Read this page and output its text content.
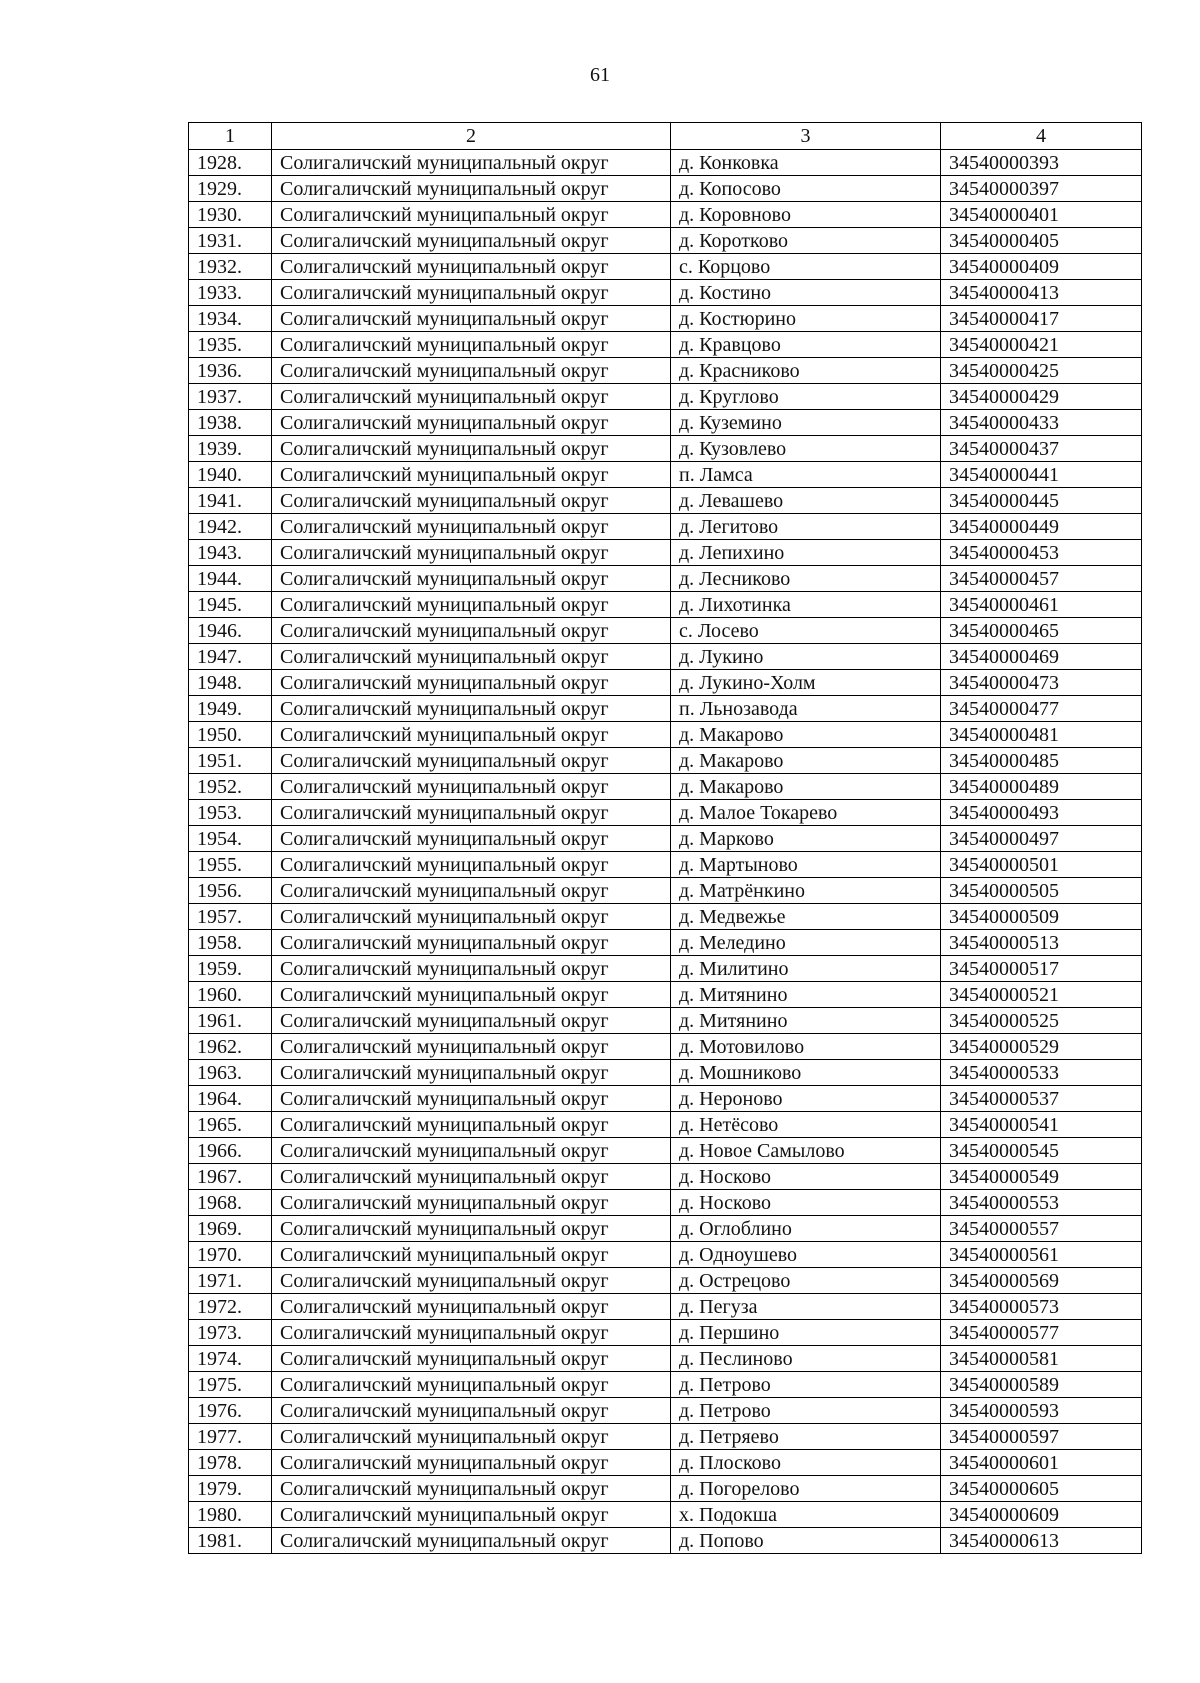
61
1	2	3	4
1928.	Солигаличский муниципальный округ	д. Конковка	34540000393
1929.	Солигаличский муниципальный округ	д. Копосово	34540000397
1930.	Солигаличский муниципальный округ	д. Коровново	34540000401
1931.	Солигаличский муниципальный округ	д. Коротково	34540000405
1932.	Солигаличский муниципальный округ	с. Корцово	34540000409
1933.	Солигаличский муниципальный округ	д. Костино	34540000413
1934.	Солигаличский муниципальный округ	д. Костюрино	34540000417
1935.	Солигаличский муниципальный округ	д. Кравцово	34540000421
1936.	Солигаличский муниципальный округ	д. Красниково	34540000425
1937.	Солигаличский муниципальный округ	д. Круглово	34540000429
1938.	Солигаличский муниципальный округ	д. Куземино	34540000433
1939.	Солигаличский муниципальный округ	д. Кузовлево	34540000437
1940.	Солигаличский муниципальный округ	п. Ламса	34540000441
1941.	Солигаличский муниципальный округ	д. Левашево	34540000445
1942.	Солигаличский муниципальный округ	д. Легитово	34540000449
1943.	Солигаличский муниципальный округ	д. Лепихино	34540000453
1944.	Солигаличский муниципальный округ	д. Лесниково	34540000457
1945.	Солигаличский муниципальный округ	д. Лихотинка	34540000461
1946.	Солигаличский муниципальный округ	с. Лосево	34540000465
1947.	Солигаличский муниципальный округ	д. Лукино	34540000469
1948.	Солигаличский муниципальный округ	д. Лукино-Холм	34540000473
1949.	Солигаличский муниципальный округ	п. Льнозавода	34540000477
1950.	Солигаличский муниципальный округ	д. Макарово	34540000481
1951.	Солигаличский муниципальный округ	д. Макарово	34540000485
1952.	Солигаличский муниципальный округ	д. Макарово	34540000489
1953.	Солигаличский муниципальный округ	д. Малое Токарево	34540000493
1954.	Солигаличский муниципальный округ	д. Марково	34540000497
1955.	Солигаличский муниципальный округ	д. Мартыново	34540000501
1956.	Солигаличский муниципальный округ	д. Матрёнкино	34540000505
1957.	Солигаличский муниципальный округ	д. Медвежье	34540000509
1958.	Солигаличский муниципальный округ	д. Меледино	34540000513
1959.	Солигаличский муниципальный округ	д. Милитино	34540000517
1960.	Солигаличский муниципальный округ	д. Митянино	34540000521
1961.	Солигаличский муниципальный округ	д. Митянино	34540000525
1962.	Солигаличский муниципальный округ	д. Мотовилово	34540000529
1963.	Солигаличский муниципальный округ	д. Мошниково	34540000533
1964.	Солигаличский муниципальный округ	д. Нероново	34540000537
1965.	Солигаличский муниципальный округ	д. Нетёсово	34540000541
1966.	Солигаличский муниципальный округ	д. Новое Самылово	34540000545
1967.	Солигаличский муниципальный округ	д. Носково	34540000549
1968.	Солигаличский муниципальный округ	д. Носково	34540000553
1969.	Солигаличский муниципальный округ	д. Оглоблино	34540000557
1970.	Солигаличский муниципальный округ	д. Одноушево	34540000561
1971.	Солигаличский муниципальный округ	д. Острецово	34540000569
1972.	Солигаличский муниципальный округ	д. Пегуза	34540000573
1973.	Солигаличский муниципальный округ	д. Першино	34540000577
1974.	Солигаличский муниципальный округ	д. Песлиново	34540000581
1975.	Солигаличский муниципальный округ	д. Петрово	34540000589
1976.	Солигаличский муниципальный округ	д. Петрово	34540000593
1977.	Солигаличский муниципальный округ	д. Петряево	34540000597
1978.	Солигаличский муниципальный округ	д. Плосково	34540000601
1979.	Солигаличский муниципальный округ	д. Погорелово	34540000605
1980.	Солигаличский муниципальный округ	х. Подокша	34540000609
1981.	Солигаличский муниципальный округ	д. Попово	34540000613
